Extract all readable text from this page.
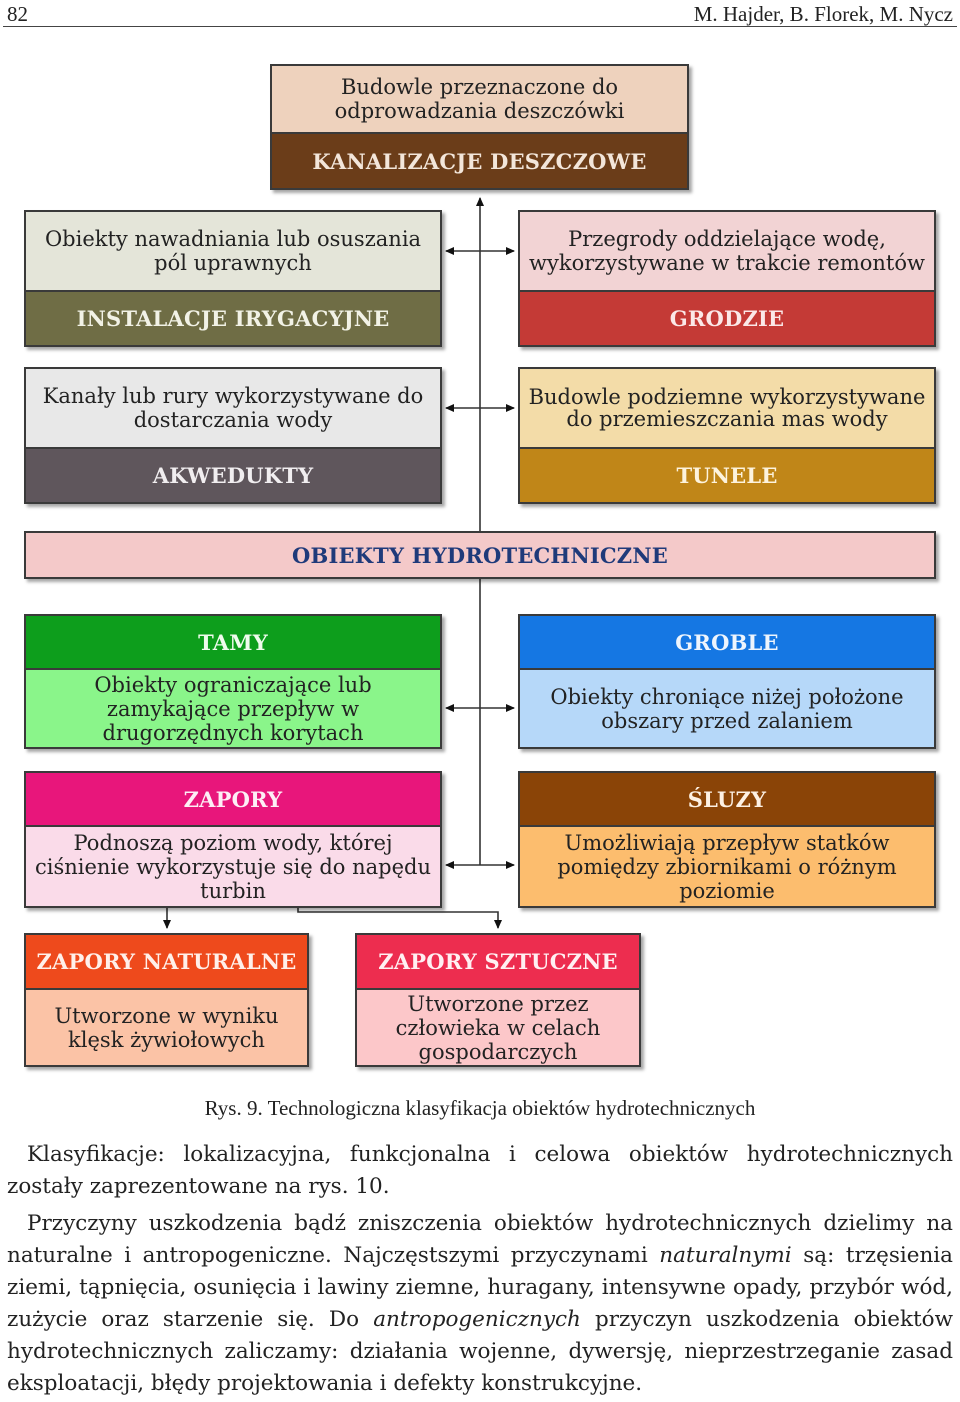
82	M. Hajder, B. Florek, M. Nycz
Budowle przeznaczone do odprowadzania deszczówki
KANALIZACJE DESZCZOWE
Obiekty nawadniania lub osuszania pól uprawnych
INSTALACJE IRYGACYJNE
Przegrody oddzielające wodę, wykorzystywane w trakcie remontów
GRODZIE
Kanały lub rury wykorzystywane do dostarczania wody
AKWEDUKTY
Budowle podziemne wykorzystywane do przemieszczania mas wody
TUNELE
OBIEKTY HYDROTECHNICZNE
TAMY
Obiekty ograniczające lub zamykające przepływ w drugorzędnych korytach
GROBLE
Obiekty chroniące niżej położone obszary przed zalaniem
ZAPORY
Podnoszą poziom wody, której ciśnienie wykorzystuje się do napędu turbin
ŚLUZY
Umożliwiają przepływ statków pomiędzy zbiornikami o różnym poziomie
ZAPORY NATURALNE
Utworzone w wyniku klęsk żywiołowych
ZAPORY SZTUCZNE
Utworzone przez człowieka w celach gospodarczych
Rys. 9. Technologiczna klasyfikacja obiektów hydrotechnicznych
Klasyfikacje: lokalizacyjna, funkcjonalna i celowa obiektów hydrotechnicznych zostały zaprezentowane na rys. 10.
Przyczyny uszkodzenia bądź zniszczenia obiektów hydrotechnicznych dzielimy na naturalne i antropogeniczne. Najczęstszymi przyczynami naturalnymi są: trzęsienia ziemi, tąpnięcia, osunięcia i lawiny ziemne, huragany, intensywne opady, przybór wód, zużycie oraz starzenie się. Do antropogenicznych przyczyn uszkodzenia obiektów hydrotechnicznych zaliczamy: działania wojenne, dywersję, nieprzestrzeganie zasad eksploatacji, błędy projektowania i defekty konstrukcyjne.
